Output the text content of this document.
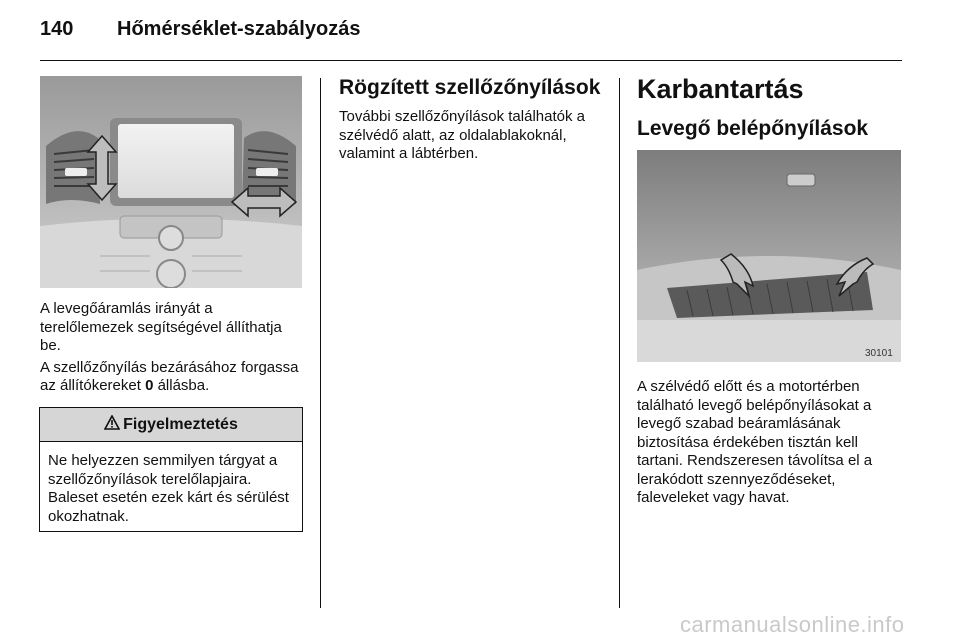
140 Hőmérséklet-szabályozás

A levegőáramlás irányát a terelőlemezek segítségével állíthatja be.

A szellőzőnyílás bezárásához forgassa az állítókereket 0 állásba.

Figyelmeztetés
Ne helyezzen semmilyen tárgyat a szellőzőnyílások terelőlapjaira. Baleset esetén ezek kárt és sérülést okozhatnak.
Rögzített szellőzőnyílások

További szellőzőnyílások találhatók a szélvédő alatt, az oldalablakoknál, valamint a lábtérben.

Karbantartás
Levegő belépőnyílások
30101

A szélvédő előtt és a motortérben található levegő belépőnyílásokat a levegő szabad beáramlásának biztosítása érdekében tisztán kell tartani. Rendszeresen távolítsa el a lerakódott szennyeződéseket, faleveleket vagy havat.

carmanualsonline.info
